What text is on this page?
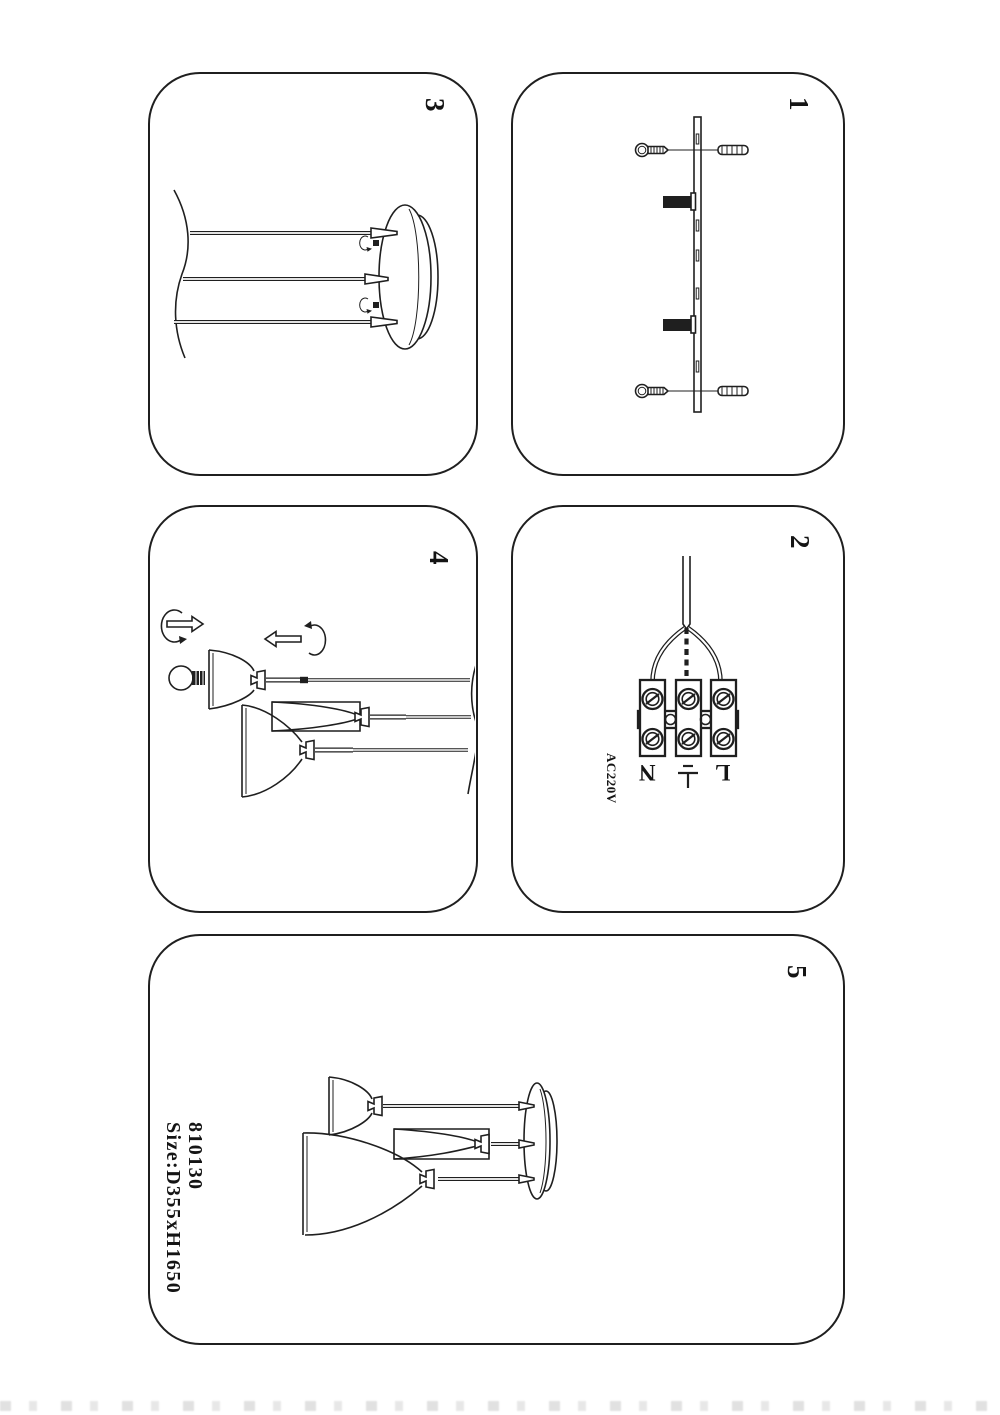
1
N	L
AC220V
2
3
4
810130
Size:D355xH1650
5
